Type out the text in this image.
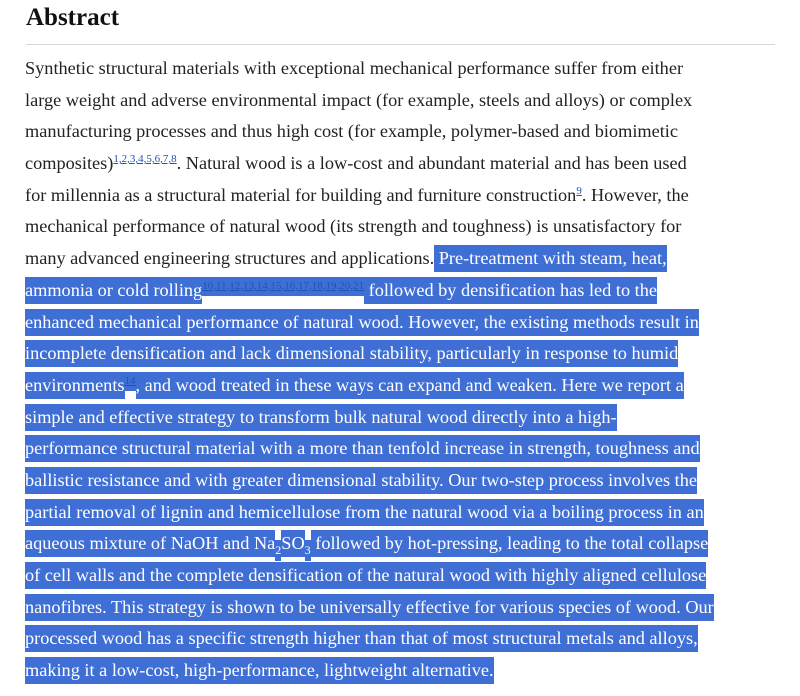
Abstract
Synthetic structural materials with exceptional mechanical performance suffer from either
large weight and adverse environmental impact (for example, steels and alloys) or complex
manufacturing processes and thus high cost (for example, polymer-based and biomimetic
composites)$^{1,2,3,4,5,6,7,8}$. Natural wood is a low-cost and abundant material and has been used
for millennia as a structural material for building and furniture construction$^9$. However, the
mechanical performance of natural wood (its strength and toughness) is unsatisfactory for
many advanced engineering structures and applications. Pre-treatment with steam, heat,
ammonia or cold rolling$^{10,11,12,13,14,15,16,17,18,19,20,21}$ followed by densification has led to the
enhanced mechanical performance of natural wood. However, the existing methods result in
incomplete densification and lack dimensional stability, particularly in response to humid
environments$^{14}$, and wood treated in these ways can expand and weaken. Here we report a
simple and effective strategy to transform bulk natural wood directly into a high-
performance structural material with a more than tenfold increase in strength, toughness and
ballistic resistance and with greater dimensional stability. Our two-step process involves the
partial removal of lignin and hemicellulose from the natural wood via a boiling process in an
aqueous mixture of NaOH and $Na_2SO_3$ followed by hot-pressing, leading to the total collapse
of cell walls and the complete densification of the natural wood with highly aligned cellulose
nanofibres. This strategy is shown to be universally effective for various species of wood. Our
processed wood has a specific strength higher than that of most structural metals and alloys,
making it a low-cost, high-performance, lightweight alternative.
